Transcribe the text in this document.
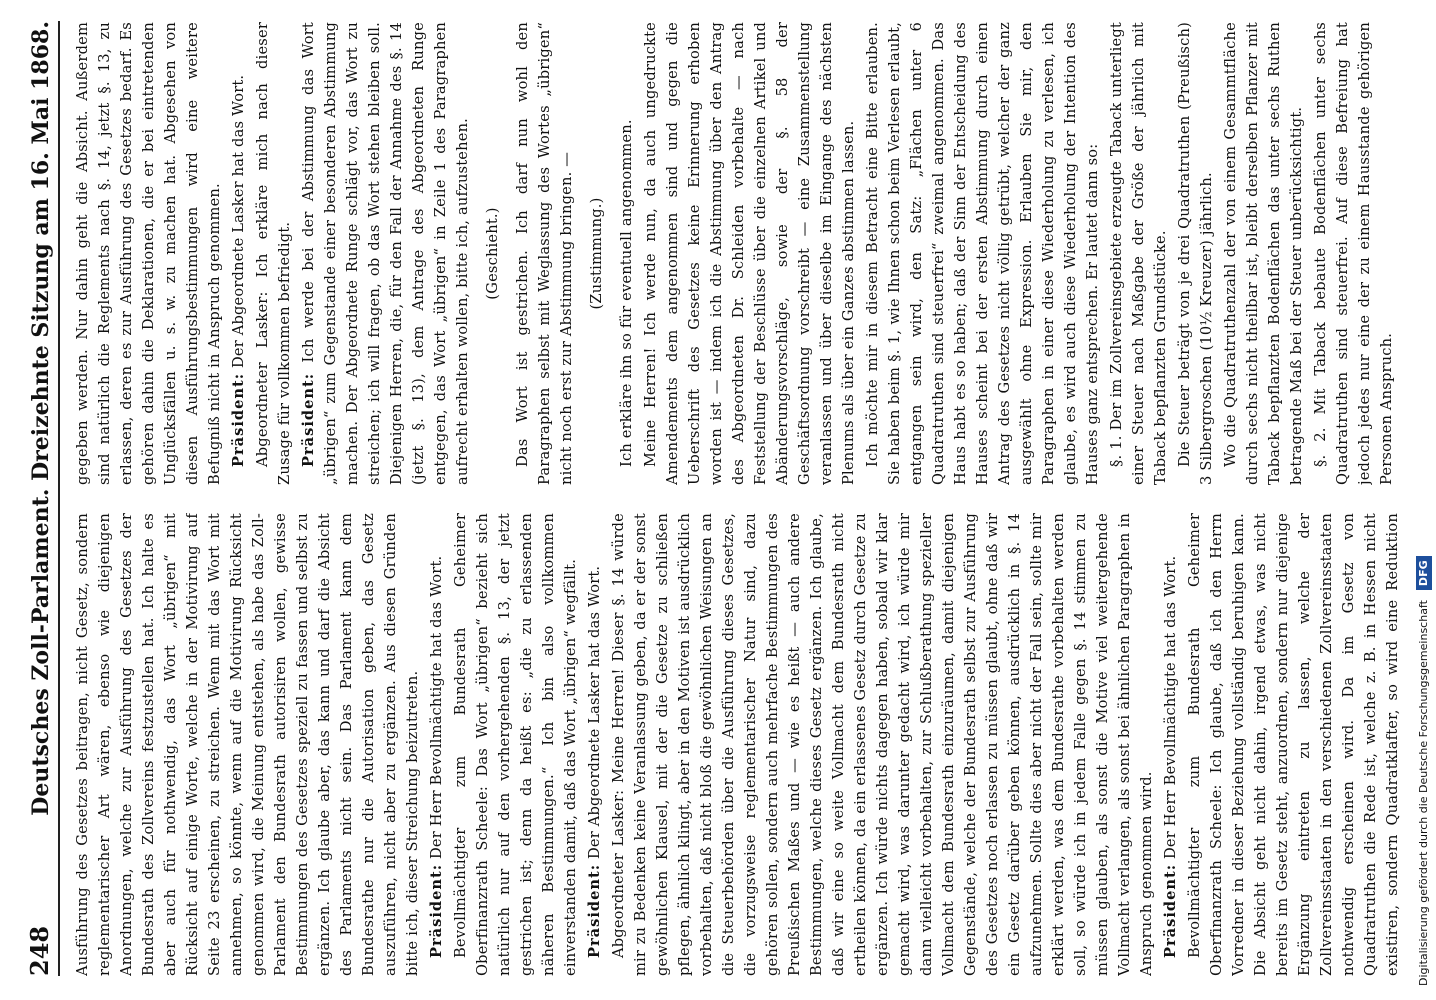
248
Deutsches Zoll-Parlament. Dreizehnte Sitzung am 16. Mai 1868. Ausführung des Gesetzes beitragen, nicht Gesetz, sondern reglementarischer Art wären, ebenso wie diejenigen Anordnungen, welche zur Ausführung des Gesetzes der Bundesrath des Zollvereins festzustellen hat. Ich halte es aber auch für nothwendig, das Wort „übrigen“ mit Rücksicht auf einige Worte, welche in der Motivirung auf Seite 23 erscheinen, zu streichen. Wenn mit das Wort mit annehmen, so könnte, wenn auf die Motivirung Rücksicht genommen wird, die Meinung entstehen, als habe das Zoll-Parlament den Bundesrath autorisiren wollen, gewisse Bestimmungen des Gesetzes speziell zu fassen und selbst zu ergänzen. Ich glaube aber, das kann und darf die Absicht des Parlaments nicht sein. Das Parlament kann dem Bundesrathe nur die Autorisation geben, das Gesetz auszuführen, nicht aber zu ergänzen. Aus diesen Gründen bitte ich, dieser Streichung beizutreten. Präsident: Der Herr Bevollmächtigte hat das Wort. Bevollmächtigter zum Bundesrath Geheimer Oberfinanzrath Scheele: Das Wort „übrigen“ bezieht sich natürlich nur auf den vorhergehenden §. 13, der jetzt gestrichen ist; denn da heißt es: „die zu erlassenden näheren Bestimmungen.“ Ich bin also vollkommen einverstanden damit, daß das Wort „übrigen“ wegfällt. Präsident: Der Abgeordnete Lasker hat das Wort. Abgeordneter Lasker: Meine Herren! Dieser §. 14 würde mir zu Bedenken keine Veranlassung geben, da er der sonst gewöhnlichen Klausel, mit der die Gesetze zu schließen pflegen, ähnlich klingt, aber in den Motiven ist ausdrücklich vorbehalten, daß nicht bloß die gewöhnlichen Weisungen an die Steuerbehörden über die Ausführung dieses Gesetzes, die vorzugsweise reglementarischer Natur sind, dazu gehören sollen, sondern auch mehrfache Bestimmungen des Preußischen Maßes und — wie es heißt — auch andere Bestimmungen, welche dieses Gesetz ergänzen. Ich glaube, daß wir eine so weite Vollmacht dem Bundesrath nicht ertheilen können, da ein erlassenes Gesetz durch Gesetze zu ergänzen. Ich würde nichts dagegen haben, sobald wir klar gemacht wird, was darunter gedacht wird, ich würde mir dann vielleicht vorbehalten, zur Schlußberathung spezieller Vollmacht dem Bundesrath einzuräumen, damit diejenigen Gegenstände, welche der Bundesrath selbst zur Ausführung des Gesetzes noch erlassen zu müssen glaubt, ohne daß wir ein Gesetz darüber geben können, ausdrücklich in §. 14 aufzunehmen. Sollte dies aber nicht der Fall sein, sollte mir erklärt werden, was dem Bundesrathe vorbehalten werden soll, so würde ich in jedem Falle gegen §. 14 stimmen zu müssen glauben, als sonst die Motive viel weitergehende Vollmacht verlangen, als sonst bei ähnlichen Paragraphen in Anspruch genommen wird. Präsident: Der Herr Bevollmächtigte hat das Wort.

Bevollmächtigter zum Bundesrath Geheimer Oberfinanzrath Scheele: Ich glaube, daß ich den Herrn Vorredner in dieser Beziehung vollständig beruhigen kann. Die Absicht geht nicht dahin, irgend etwas, was nicht bereits im Gesetz steht, anzuordnen, sondern nur diejenige Ergänzung eintreten zu lassen, welche der Zollvereinsstaaten in den verschiedenen Zollvereinsstaaten nothwendig erscheinen wird. Da im Gesetz von Quadratruthen die Rede ist, welche z. B. in Hessen nicht existiren, sondern Quadratklafter, so wird eine Reduktion

gegeben werden. Nur dahin geht die Absicht. Außerdem sind natürlich die Reglements nach §. 14, jetzt §. 13, zu erlassen, deren es zur Ausführung des Gesetzes bedarf. Es gehören dahin die Deklarationen, die er bei eintretenden Unglücksfällen u. s. w. zu machen hat. Abgesehen von diesen Ausführungsbestimmungen wird eine weitere Befugniß nicht in Anspruch genommen. Präsident: Der Abgeordnete Lasker hat das Wort. Abgeordneter Lasker: Ich erkläre mich nach dieser Zusage für vollkommen befriedigt. Präsident: Ich werde bei der Abstimmung das Wort „übrigen“ zum Gegenstande einer besonderen Abstimmung machen. Der Abgeordnete Runge schlägt vor, das Wort zu streichen; ich will fragen, ob das Wort stehen bleiben soll. Diejenigen Herren, die, für den Fall der Annahme des §. 14 (jetzt §. 13), dem Antrage des Abgeordneten Runge entgegen, das Wort „übrigen“ in Zeile 1 des Paragraphen aufrecht erhalten wollen, bitte ich, aufzustehen. (Geschieht.) Das Wort ist gestrichen. Ich darf nun wohl den Paragraphen selbst mit Weglassung des Wortes „übrigen“ nicht noch erst zur Abstimmung bringen. — (Zustimmung.) Ich erkläre ihn so für eventuell angenommen. Meine Herren! Ich werde nun, da auch ungedruckte Amendements dem angenommen sind und gegen die Ueberschrift des Gesetzes keine Erinnerung erhoben worden ist — indem ich die Abstimmung über den Antrag des Abgeordneten Dr. Schleiden vorbehalte — nach Feststellung der Beschlüsse über die einzelnen Artikel und Abänderungsvorschläge, sowie der §. 58 der Geschäftsordnung vorschreibt — eine Zusammenstellung veranlassen und über dieselbe im Eingange des nächsten Plenums als über ein Ganzes abstimmen lassen. Ich möchte mir in diesem Betracht eine Bitte erlauben. Sie haben beim §. 1, wie Ihnen schon beim Verlesen erlaubt, entgangen sein wird, den Satz: „Flächen unter 6 Quadratruthen sind steuerfrei“ zweimal angenommen. Das Haus habt es so haben; daß der Sinn der Entscheidung des Hauses scheint bei der ersten Abstimmung durch einen Antrag des Gesetzes nicht völlig getrübt, welcher der ganz ausgewählt ohne Expression. Erlauben Sie mir, den Paragraphen in einer diese Wiederholung zu verlesen, ich glaube, es wird auch diese Wiederholung der Intention des Hauses ganz entsprechen. Er lautet dann so: §. 1. Der im Zollvereinsgebiete erzeugte Taback unterliegt einer Steuer nach Maßgabe der Größe der jährlich mit Taback bepflanzten Grundstücke. Die Steuer beträgt von je drei Quadratruthen (Preußisch) 3 Silbergroschen (10½ Kreuzer) jährlich. Wo die Quadratruthenzahl der von einem Gesammtfläche durch sechs nicht theilbar ist, bleibt derselben Pflanzer mit Taback bepflanzten Bodenflächen das unter sechs Ruthen betragende Maß bei der Steuer unberücksichtigt. §. 2. Mit Taback bebaute Bodenflächen unter sechs Quadratruthen sind steuerfrei. Auf diese Befreiung hat jedoch jedes nur eine der zu einem Hausstande gehörigen Personen Anspruch.

Digitalisierung gefördert durch die Deutsche ForschungsgemeinschaftDFG
